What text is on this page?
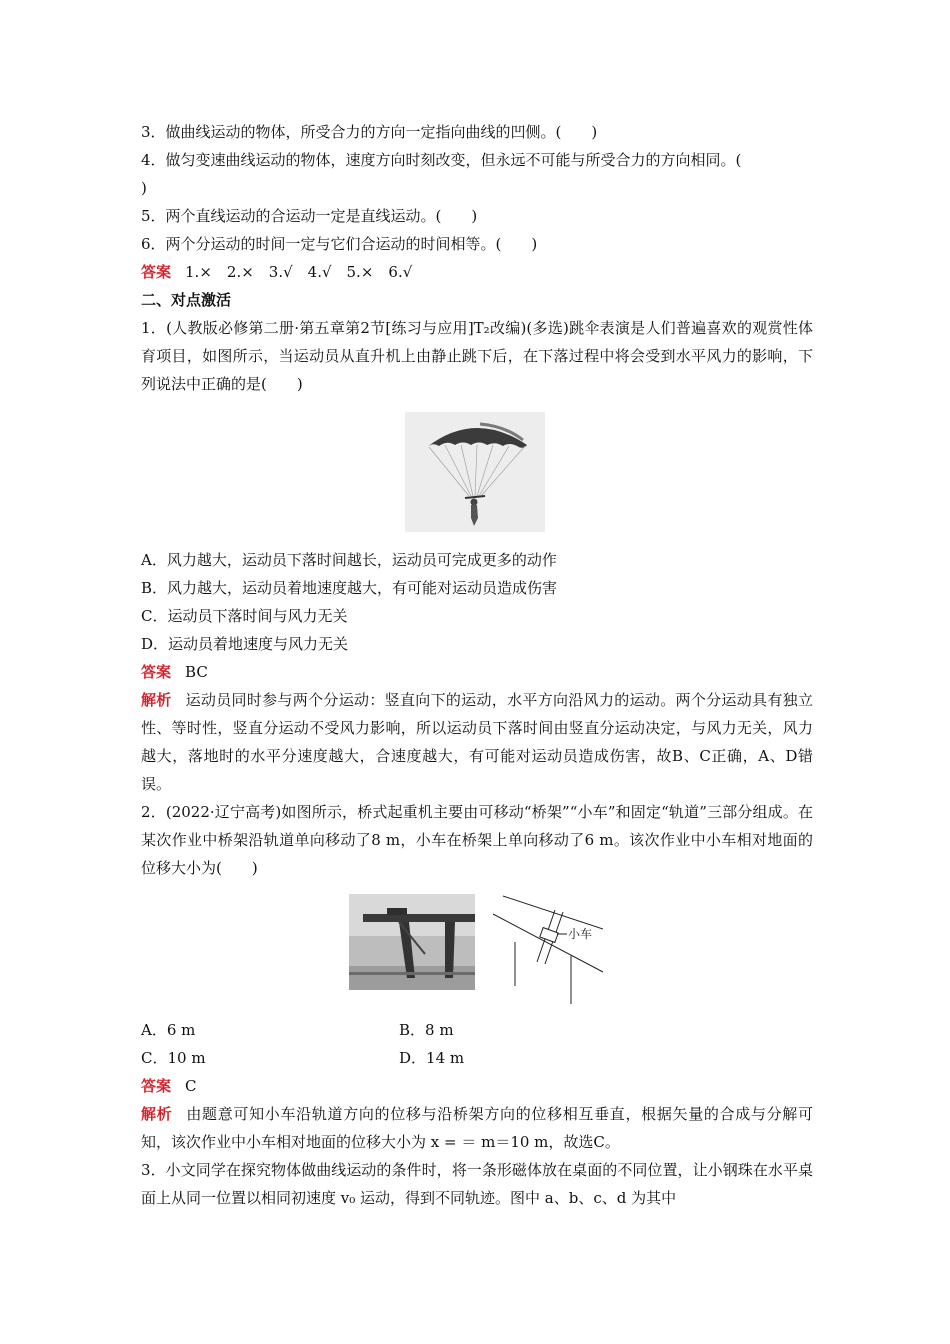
3．做曲线运动的物体，所受合力的方向一定指向曲线的凹侧。(　　)
4．做匀变速曲线运动的物体，速度方向时刻改变，但永远不可能与所受合力的方向相同。(
)
5．两个直线运动的合运动一定是直线运动。(　　)
6．两个分运动的时间一定与它们合运动的时间相等。(　　)
答案 1.×　2.×　3.√　4.√　5.×　6.√
二、对点激活
1．(人教版必修第二册·第五章第2节[练习与应用]T₂改编)(多选)跳伞表演是人们普遍喜欢的观赏性体育项目，如图所示，当运动员从直升机上由静止跳下后，在下落过程中将会受到水平风力的影响，下列说法中正确的是(　　)
A．风力越大，运动员下落时间越长，运动员可完成更多的动作
B．风力越大，运动员着地速度越大，有可能对运动员造成伤害
C．运动员下落时间与风力无关
D．运动员着地速度与风力无关
答案 BC
解析 运动员同时参与两个分运动：竖直向下的运动，水平方向沿风力的运动。两个分运动具有独立性、等时性，竖直分运动不受风力影响，所以运动员下落时间由竖直分运动决定，与风力无关，风力越大，落地时的水平分速度越大，合速度越大，有可能对运动员造成伤害，故B、C正确，A、D错误。
2．(2022·辽宁高考)如图所示，桥式起重机主要由可移动“桥架”“小车”和固定“轨道”三部分组成。在某次作业中桥架沿轨道单向移动了8 m，小车在桥架上单向移动了6 m。该次作业中小车相对地面的位移大小为(　　)
小车
A．6 m	B．8 m
C．10 m	D．14 m
答案 C
解析 由题意可知小车沿轨道方向的位移与沿桥架方向的位移相互垂直，根据矢量的合成与分解可知，该次作业中小车相对地面的位移大小为 x = ＝ m＝10 m，故选C。
3．小文同学在探究物体做曲线运动的条件时，将一条形磁体放在桌面的不同位置，让小钢珠在水平桌面上从同一位置以相同初速度 v₀ 运动，得到不同轨迹。图中 a、b、c、d 为其中
